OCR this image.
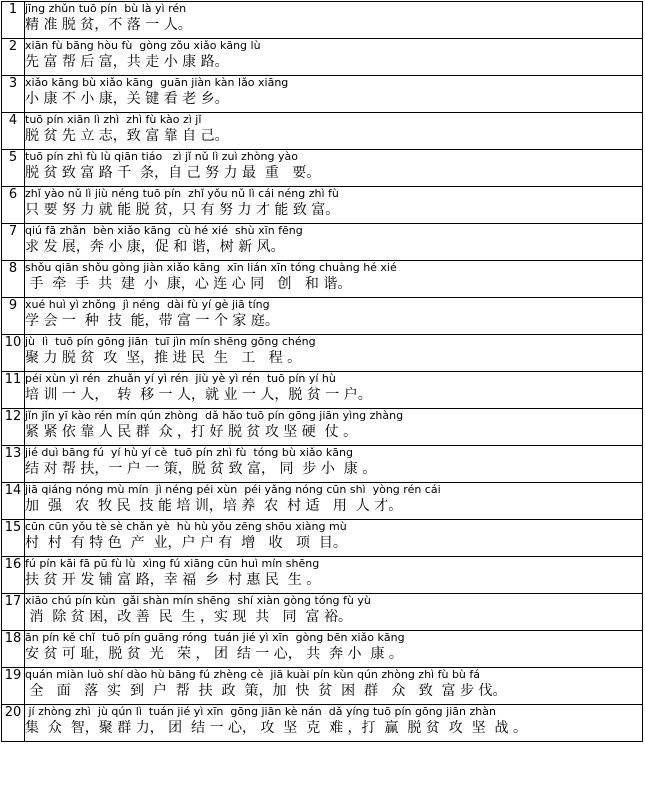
1	jīng zhǔn tuō pín  bù là yì rén
精 准 脱 贫，不 落 一 人。

2	xiān fù bāng hòu fù  gòng zǒu xiǎo kāng lù
先 富 帮 后 富，共 走 小 康 路。

3	xiǎo kāng bù xiǎo kāng  guān jiàn kàn lǎo xiāng
小 康 不 小 康，关 键 看 老 乡。

4	tuō pín xiān lì zhì  zhì fù kào zì jǐ
脱 贫 先 立 志，致 富 靠 自 己。

5	tuō pín zhì fù lù qiān tiáo   zì jǐ nǔ lì zuì zhòng yào
脱 贫 致 富 路 千  条，自 己 努 力 最  重   要。

6	zhǐ yào nǔ lì jiù néng tuō pín  zhǐ yǒu nǔ lì cái néng zhì fù
只 要 努 力 就 能 脱 贫，只 有 努 力 才 能 致 富。

7	qiú fā zhǎn  bèn xiǎo kāng  cù hé xié  shù xīn fēng
求 发 展，奔 小 康，促 和 谐，树 新 风。

8	shǒu qiān shǒu gòng jiàn xiǎo kāng  xīn lián xīn tóng chuàng hé xié
手  牵  手  共  建  小  康，心 连 心 同   创   和 谐。

9	xué huì yì zhǒng  jì néng  dài fù yí gè jiā tíng
学 会 一  种  技  能，带 富 一 个 家 庭。

10	jù  lì  tuō pín gōng jiān  tuī jìn mín shēng gōng chéng
聚 力 脱 贫  攻  坚，推 进 民  生   工   程 。

11	péi xùn yì rén  zhuǎn yí yì rén  jiù yè yì rén  tuō pín yí hù
培 训 一 人，  转  移 一 人，就 业 一 人，脱 贫 一 户。

12	jǐn jǐn yī kào rén mín qún zhòng  dǎ hǎo tuō pín gōng jiān yìng zhàng
紧 紧 依 靠 人 民 群  众 ，打 好 脱 贫 攻 坚 硬  仗 。

13	jié duì bāng fú  yí hù yí cè  tuō pín zhì fù  tóng bù xiǎo kāng
结 对 帮 扶，一 户 一 策，脱 贫 致 富， 同  步 小  康 。

14	jiā qiáng nóng mù mín  jì néng péi xùn  péi yǎng nóng cūn shì  yòng rén cái
加  强   农  牧 民  技 能 培 训，培 养  农  村 适   用  人 才。

15	cūn cūn yǒu tè sè chǎn yè  hù hù yǒu zēng shōu xiàng mù
村  村  有 特 色  产  业，户 户 有  增   收   项  目。

16	fú pín kāi fā pū fù lù  xìng fú xiāng cūn huì mín shēng
扶 贫 开 发 铺 富 路，幸 福  乡  村 惠 民  生 。

17	xiāo chú pín kùn  gǎi shàn mín shēng  shí xiàn gòng tóng fù yù
消  除 贫 困，改 善  民  生 ，实 现  共   同  富 裕。

18	ān pín kě chǐ  tuō pín guāng róng  tuán jié yì xīn  gòng bēn xiǎo kāng
安 贫 可 耻，脱 贫  光   荣 ， 团  结 一 心， 共  奔 小  康 。

19	quán miàn luò shí dào hù bāng fú zhèng cè  jiā kuài pín kùn qún zhòng zhì fù bù fá
全   面   落  实  到  户  帮  扶  政  策，加  快  贫  困  群   众   致  富 步 伐。

20	jí zhòng zhì  jù qún lì  tuán jié yì xīn  gōng jiān kè nán  dǎ yíng tuō pín gōng jiān zhàn
集  众  智，聚 群 力， 团  结 一 心， 攻  坚  克  难 ，打  赢  脱 贫  攻  坚  战 。
